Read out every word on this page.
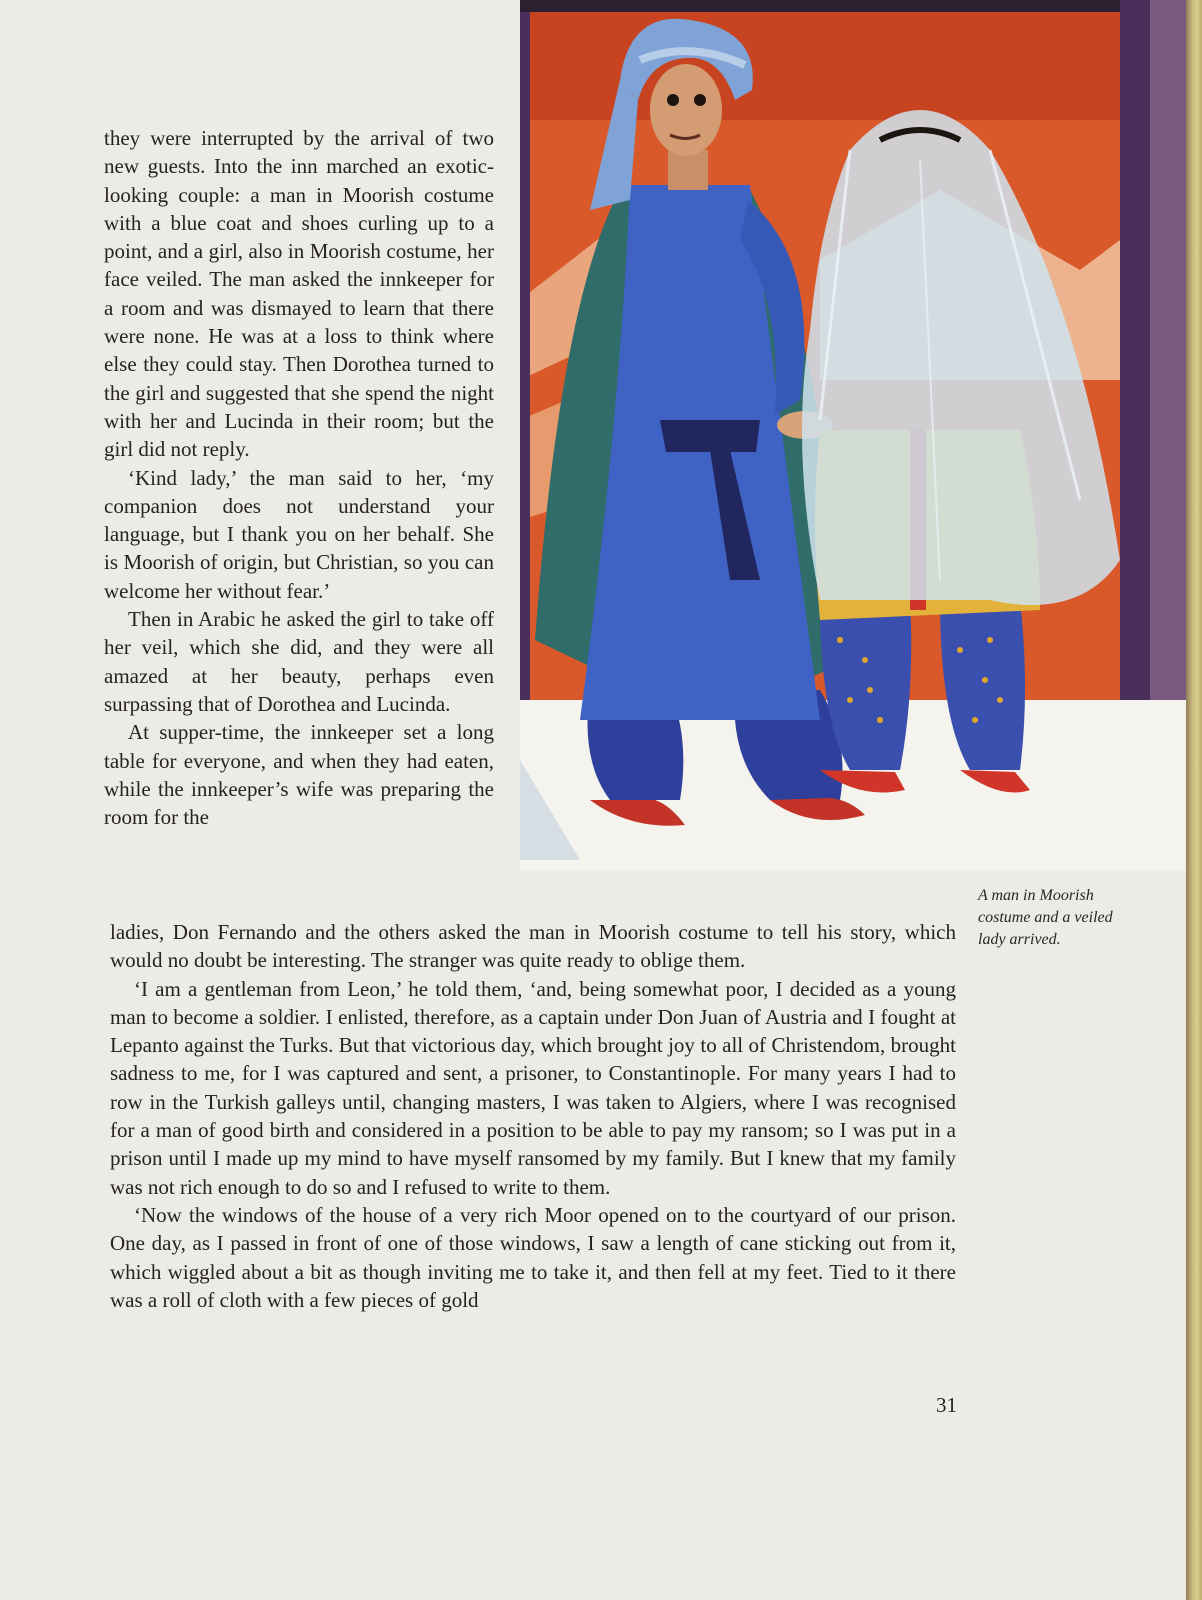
they were interrupted by the arrival of two new guests. Into the inn marched an exotic-looking couple: a man in Moorish costume with a blue coat and shoes curling up to a point, and a girl, also in Moorish costume, her face veiled. The man asked the innkeeper for a room and was dismayed to learn that there were none. He was at a loss to think where else they could stay. Then Dorothea turned to the girl and suggested that she spend the night with her and Lucinda in their room; but the girl did not reply.

‘Kind lady,’ the man said to her, ‘my companion does not understand your language, but I thank you on her behalf. She is Moorish of origin, but Christian, so you can welcome her without fear.’

Then in Arabic he asked the girl to take off her veil, which she did, and they were all amazed at her beauty, perhaps even surpassing that of Dorothea and Lucinda.

At supper-time, the innkeeper set a long table for everyone, and when they had eaten, while the innkeeper’s wife was preparing the room for the

ladies, Don Fernando and the others asked the man in Moorish costume to tell his story, which would no doubt be interesting. The stranger was quite ready to oblige them.

‘I am a gentleman from Leon,’ he told them, ‘and, being somewhat poor, I decided as a young man to become a soldier. I enlisted, therefore, as a captain under Don Juan of Austria and I fought at Lepanto against the Turks. But that victorious day, which brought joy to all of Christendom, brought sadness to me, for I was captured and sent, a prisoner, to Constantinople. For many years I had to row in the Turkish galleys until, changing masters, I was taken to Algiers, where I was recognised for a man of good birth and considered in a position to be able to pay my ransom; so I was put in a prison until I made up my mind to have myself ransomed by my family. But I knew that my family was not rich enough to do so and I refused to write to them.

‘Now the windows of the house of a very rich Moor opened on to the courtyard of our prison. One day, as I passed in front of one of those windows, I saw a length of cane sticking out from it, which wiggled about a bit as though inviting me to take it, and then fell at my feet. Tied to it there was a roll of cloth with a few pieces of gold

A man in Moorish costume and a veiled lady arrived.
31
